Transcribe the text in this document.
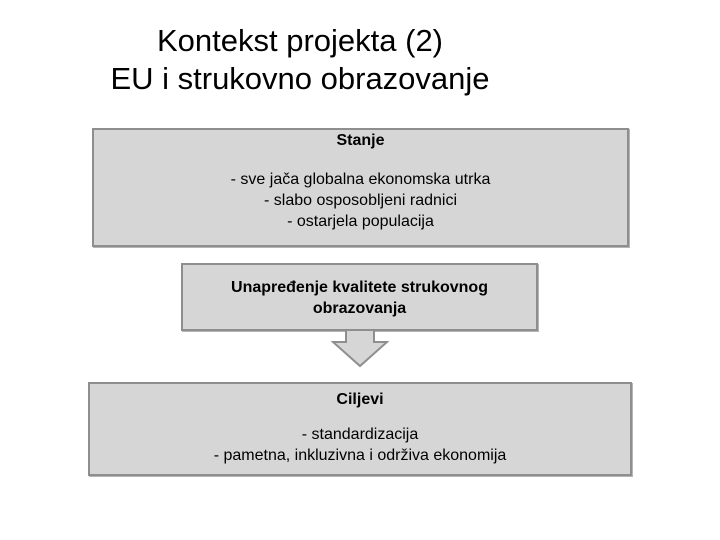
Kontekst projekta (2)
EU i strukovno obrazovanje
Stanje
- sve jača globalna ekonomska utrka
- slabo osposobljeni radnici
- ostarjela populacija
Unapređenje kvalitete strukovnog
obrazovanja
Ciljevi
- standardizacija
- pametna, inkluzivna i održiva ekonomija
